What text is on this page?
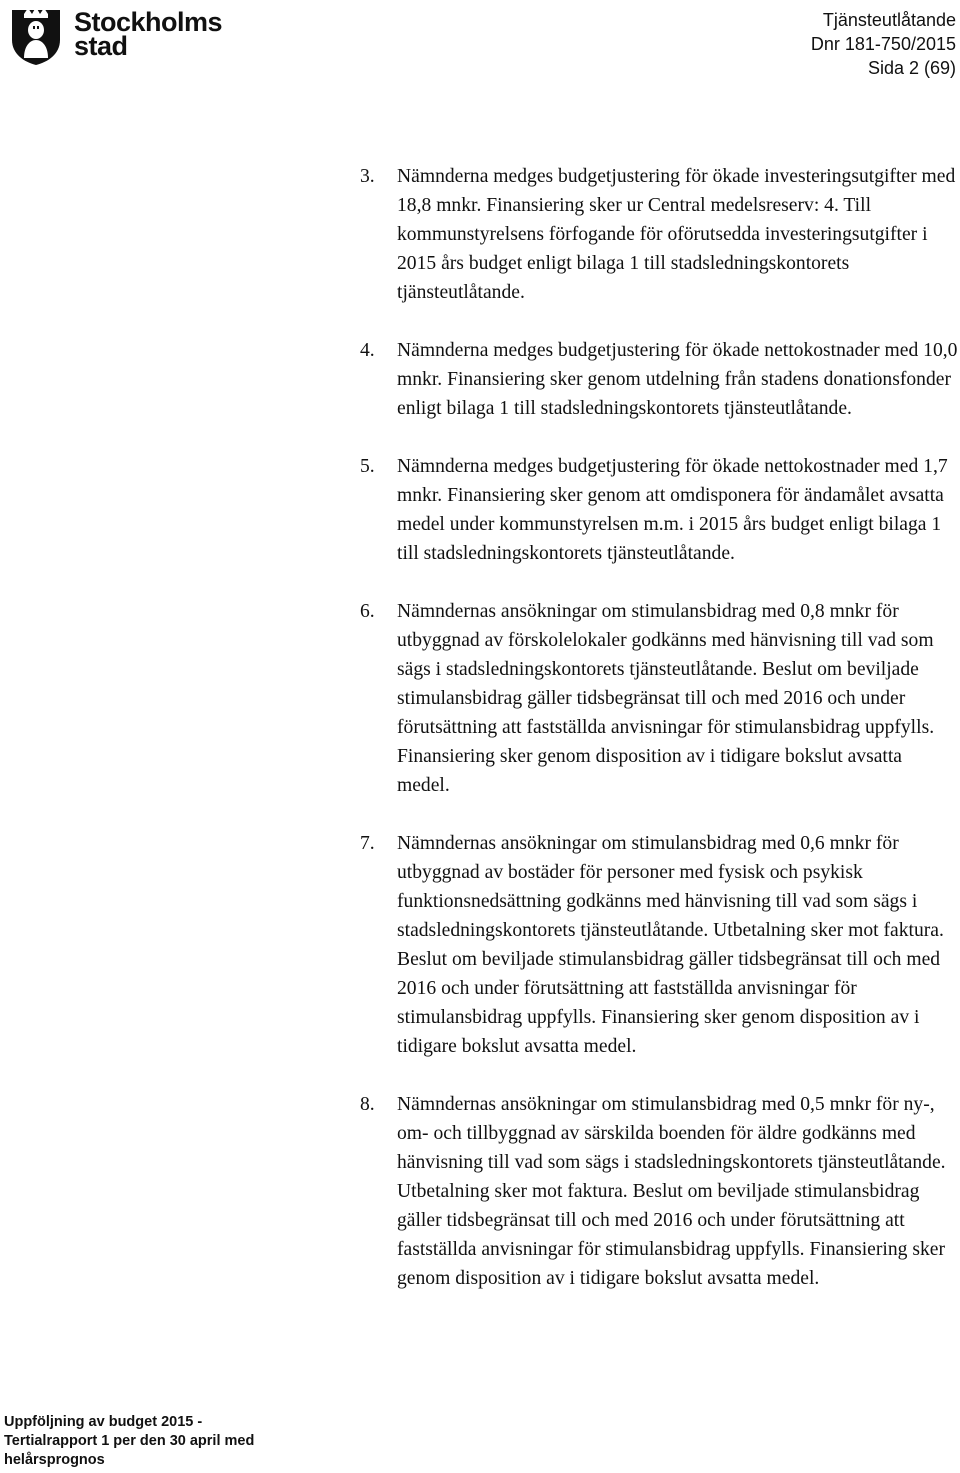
Stockholms
stad
Tjänsteutlåtande
Dnr 181-750/2015
Sida 2 (69)
3. Nämnderna medges budgetjustering för ökade investeringsutgifter med 18,8 mnkr. Finansiering sker ur Central medelsreserv: 4. Till kommunstyrelsens förfogande för oförutsedda investeringsutgifter i 2015 års budget enligt bilaga 1 till stadsledningskontorets tjänsteutlåtande.
4. Nämnderna medges budgetjustering för ökade nettokostnader med 10,0 mnkr. Finansiering sker genom utdelning från stadens donationsfonder enligt bilaga 1 till stadsledningskontorets tjänsteutlåtande.
5. Nämnderna medges budgetjustering för ökade nettokostnader med 1,7 mnkr. Finansiering sker genom att omdisponera för ändamålet avsatta medel under kommunstyrelsen m.m. i 2015 års budget enligt bilaga 1 till stadsledningskontorets tjänsteutlåtande.
6. Nämndernas ansökningar om stimulansbidrag med 0,8 mnkr för utbyggnad av förskolelokaler godkänns med hänvisning till vad som sägs i stadsledningskontorets tjänsteutlåtande. Beslut om beviljade stimulansbidrag gäller tidsbegränsat till och med 2016 och under förutsättning att fastställda anvisningar för stimulansbidrag uppfylls. Finansiering sker genom disposition av i tidigare bokslut avsatta medel.
7. Nämndernas ansökningar om stimulansbidrag med 0,6 mnkr för utbyggnad av bostäder för personer med fysisk och psykisk funktionsnedsättning godkänns med hänvisning till vad som sägs i stadsledningskontorets tjänsteutlåtande. Utbetalning sker mot faktura. Beslut om beviljade stimulansbidrag gäller tidsbegränsat till och med 2016 och under förutsättning att fastställda anvisningar för stimulansbidrag uppfylls. Finansiering sker genom disposition av i tidigare bokslut avsatta medel.
8. Nämndernas ansökningar om stimulansbidrag med 0,5 mnkr för ny-, om- och tillbyggnad av särskilda boenden för äldre godkänns med hänvisning till vad som sägs i stadsledningskontorets tjänsteutlåtande. Utbetalning sker mot faktura. Beslut om beviljade stimulansbidrag gäller tidsbegränsat till och med 2016 och under förutsättning att fastställda anvisningar för stimulansbidrag uppfylls. Finansiering sker genom disposition av i tidigare bokslut avsatta medel.
Uppföljning av budget 2015 -
Tertialrapport 1 per den 30 april med
helårsprognos
